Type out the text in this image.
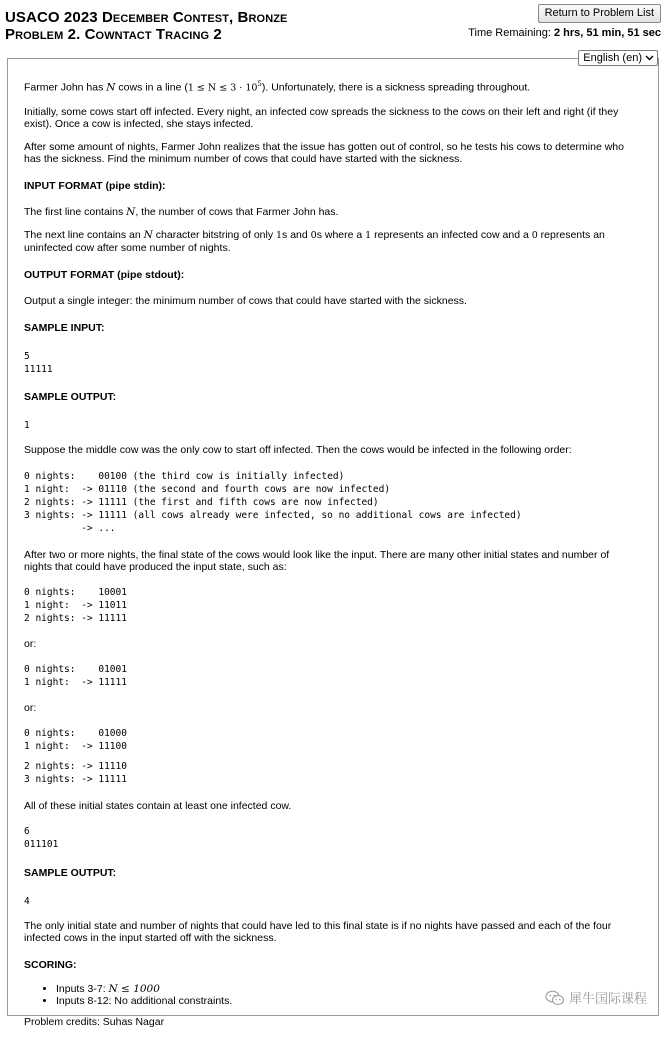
USACO 2023 December Contest, Bronze
Problem 2. Cowntact Tracing 2
Return to Problem List
Time Remaining: 2 hrs, 51 min, 51 sec
English (en)
Farmer John has N cows in a line $(1 \le N \le 3 \cdot 10^5)$. Unfortunately, there is a sickness spreading throughout.
Initially, some cows start off infected. Every night, an infected cow spreads the sickness to the cows on their left and right (if they exist). Once a cow is infected, she stays infected.
After some amount of nights, Farmer John realizes that the issue has gotten out of control, so he tests his cows to determine who has the sickness. Find the minimum number of cows that could have started with the sickness.
INPUT FORMAT (pipe stdin):
The first line contains N, the number of cows that Farmer John has.
The next line contains an N character bitstring of only 1s and 0s where a 1 represents an infected cow and a 0 represents an uninfected cow after some number of nights.
OUTPUT FORMAT (pipe stdout):
Output a single integer: the minimum number of cows that could have started with the sickness.
SAMPLE INPUT:
5
11111
SAMPLE OUTPUT:
1
Suppose the middle cow was the only cow to start off infected. Then the cows would be infected in the following order:
0 nights:    00100 (the third cow is initially infected)
1 night:  -> 01110 (the second and fourth cows are now infected)
2 nights: -> 11111 (the first and fifth cows are now infected)
3 nights: -> 11111 (all cows already were infected, so no additional cows are infected)
-> ...
After two or more nights, the final state of the cows would look like the input. There are many other initial states and number of nights that could have produced the input state, such as:
0 nights:    10001
1 night:  -> 11011
2 nights: -> 11111
or:
0 nights:    01001
1 night:  -> 11111
or:
0 nights:    01000
1 night:  -> 11100
2 nights: -> 11110
3 nights: -> 11111
All of these initial states contain at least one infected cow.
6
011101
SAMPLE OUTPUT:
4
The only initial state and number of nights that could have led to this final state is if no nights have passed and each of the four infected cows in the input started off with the sickness.
SCORING:
• Inputs 3-7: N ≤ 1000
• Inputs 8-12: No additional constraints.
Problem credits: Suhas Nagar
犀牛国际课程
